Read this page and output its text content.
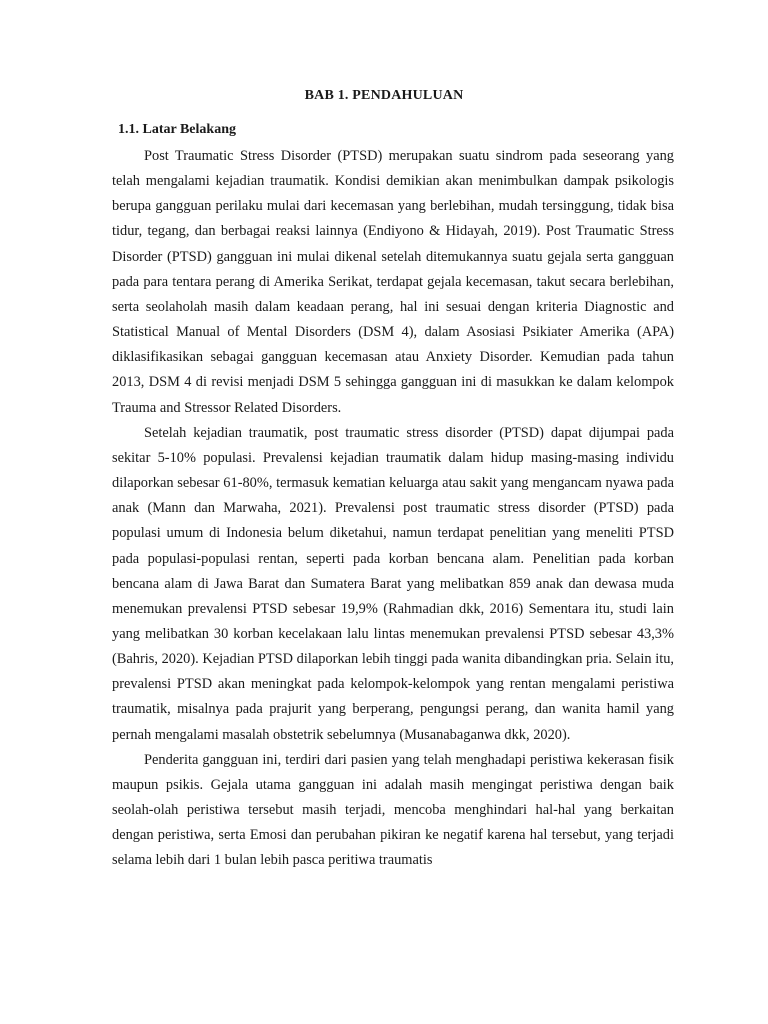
BAB 1. PENDAHULUAN
1.1. Latar Belakang

Post Traumatic Stress Disorder (PTSD) merupakan suatu sindrom pada seseorang yang telah mengalami kejadian traumatik. Kondisi demikian akan menimbulkan dampak psikologis berupa gangguan perilaku mulai dari kecemasan yang berlebihan, mudah tersinggung, tidak bisa tidur, tegang, dan berbagai reaksi lainnya (Endiyono & Hidayah, 2019). Post Traumatic Stress Disorder (PTSD) gangguan ini mulai dikenal setelah ditemukannya suatu gejala serta gangguan pada para tentara perang di Amerika Serikat, terdapat gejala kecemasan, takut secara berlebihan, serta seolaholah masih dalam keadaan perang, hal ini sesuai dengan kriteria Diagnostic and Statistical Manual of Mental Disorders (DSM 4), dalam Asosiasi Psikiater Amerika (APA) diklasifikasikan sebagai gangguan kecemasan atau Anxiety Disorder. Kemudian pada tahun 2013, DSM 4 di revisi menjadi DSM 5 sehingga gangguan ini di masukkan ke dalam kelompok Trauma and Stressor Related Disorders.

Setelah kejadian traumatik, post traumatic stress disorder (PTSD) dapat dijumpai pada sekitar 5-10% populasi. Prevalensi kejadian traumatik dalam hidup masing-masing individu dilaporkan sebesar 61-80%, termasuk kematian keluarga atau sakit yang mengancam nyawa pada anak (Mann dan Marwaha, 2021). Prevalensi post traumatic stress disorder (PTSD) pada populasi umum di Indonesia belum diketahui, namun terdapat penelitian yang meneliti PTSD pada populasi-populasi rentan, seperti pada korban bencana alam. Penelitian pada korban bencana alam di Jawa Barat dan Sumatera Barat yang melibatkan 859 anak dan dewasa muda menemukan prevalensi PTSD sebesar 19,9% (Rahmadian dkk, 2016) Sementara itu, studi lain yang melibatkan 30 korban kecelakaan lalu lintas menemukan prevalensi PTSD sebesar 43,3% (Bahris, 2020). Kejadian PTSD dilaporkan lebih tinggi pada wanita dibandingkan pria. Selain itu, prevalensi PTSD akan meningkat pada kelompok-kelompok yang rentan mengalami peristiwa traumatik, misalnya pada prajurit yang berperang, pengungsi perang, dan wanita hamil yang pernah mengalami masalah obstetrik sebelumnya (Musanabaganwa dkk, 2020).

Penderita gangguan ini, terdiri dari pasien yang telah menghadapi peristiwa kekerasan fisik maupun psikis. Gejala utama gangguan ini adalah masih mengingat peristiwa dengan baik seolah-olah peristiwa tersebut masih terjadi, mencoba menghindari hal-hal yang berkaitan dengan peristiwa, serta Emosi dan perubahan pikiran ke negatif karena hal tersebut, yang terjadi selama lebih dari 1 bulan lebih pasca peritiwa traumatis
